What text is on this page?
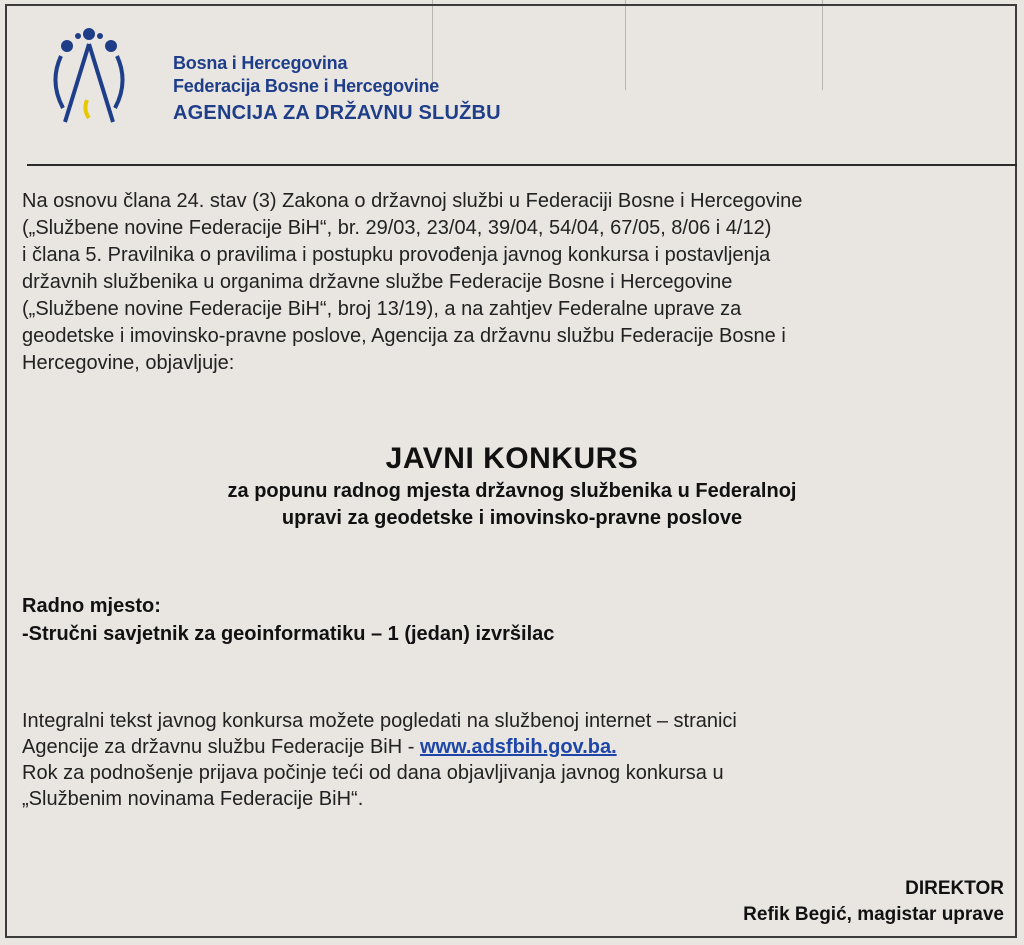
Bosna i Hercegovina
Federacija Bosne i Hercegovine
AGENCIJA ZA DRŽAVNU SLUŽBU
Na osnovu člana 24. stav (3) Zakona o državnoj službi u Federaciji Bosne i Hercegovine
(„Službene novine Federacije BiH“, br. 29/03, 23/04, 39/04, 54/04, 67/05, 8/06 i 4/12)
i člana 5. Pravilnika o pravilima i postupku provođenja javnog konkursa i postavljenja
državnih službenika u organima državne službe Federacije Bosne i Hercegovine
(„Službene novine Federacije BiH“, broj 13/19), a na zahtjev Federalne uprave za
geodetske i imovinsko-pravne poslove, Agencija za državnu službu Federacije Bosne i
Hercegovine, objavljuje:
JAVNI KONKURS
za popunu radnog mjesta državnog službenika u Federalnoj
upravi za geodetske i imovinsko-pravne poslove
Radno mjesto:
-Stručni savjetnik za geoinformatiku – 1 (jedan) izvršilac
Integralni tekst javnog konkursa možete pogledati na službenoj internet – stranici
Agencije za državnu službu Federacije BiH - www.adsfbih.gov.ba.
Rok za podnošenje prijava počinje teći od dana objavljivanja javnog konkursa u
„Službenim novinama Federacije BiH“.
DIREKTOR
Refik Begić, magistar uprave
